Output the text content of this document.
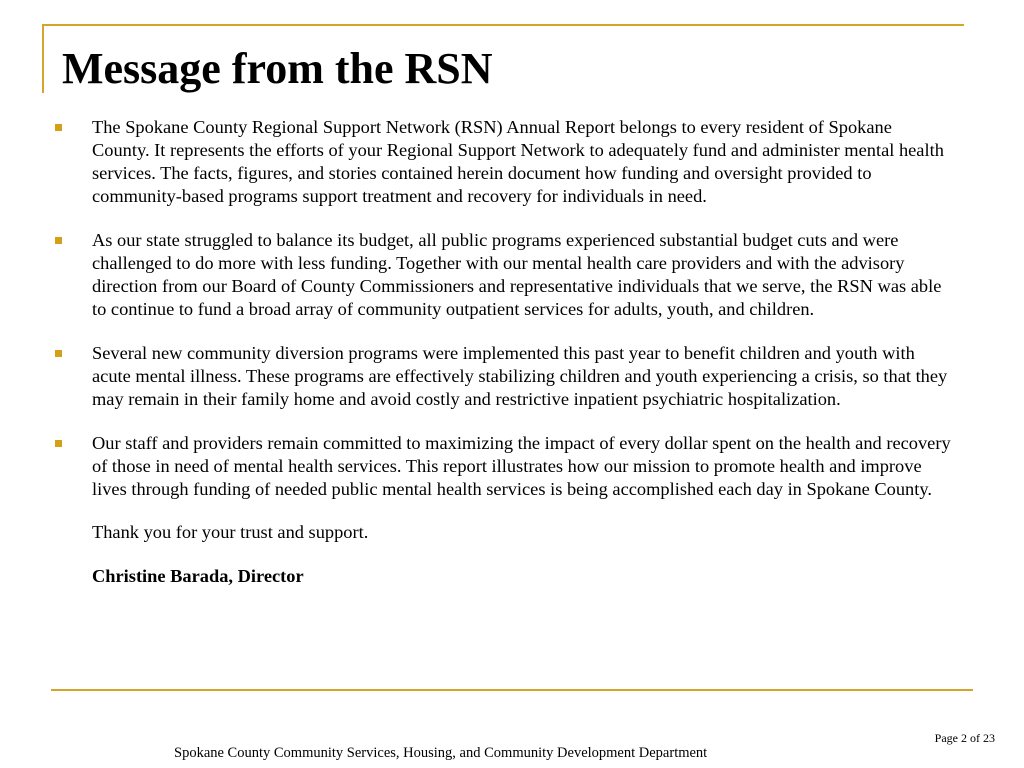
Message from the RSN
The Spokane County Regional Support Network (RSN) Annual Report belongs to every resident of Spokane County. It represents the efforts of your Regional Support Network to adequately fund and administer mental health services. The facts, figures, and stories contained herein document how funding and oversight provided to community-based programs support treatment and recovery for individuals in need.
As our state struggled to balance its budget, all public programs experienced substantial budget cuts and were challenged to do more with less funding. Together with our mental health care providers and with the advisory direction from our Board of County Commissioners and representative individuals that we serve, the RSN was able to continue to fund a broad array of community outpatient services for adults, youth, and children.
Several new community diversion programs were implemented this past year to benefit children and youth with acute mental illness. These programs are effectively stabilizing children and youth experiencing a crisis, so that they may remain in their family home and avoid costly and restrictive inpatient psychiatric hospitalization.
Our staff and providers remain committed to maximizing the impact of every dollar spent on the health and recovery of those in need of mental health services. This report illustrates how our mission to promote health and improve lives through funding of needed public mental health services is being accomplished each day in Spokane County.
Thank you for your trust and support.
Christine Barada, Director
Page 2 of 23
Spokane County Community Services, Housing, and Community Development Department
